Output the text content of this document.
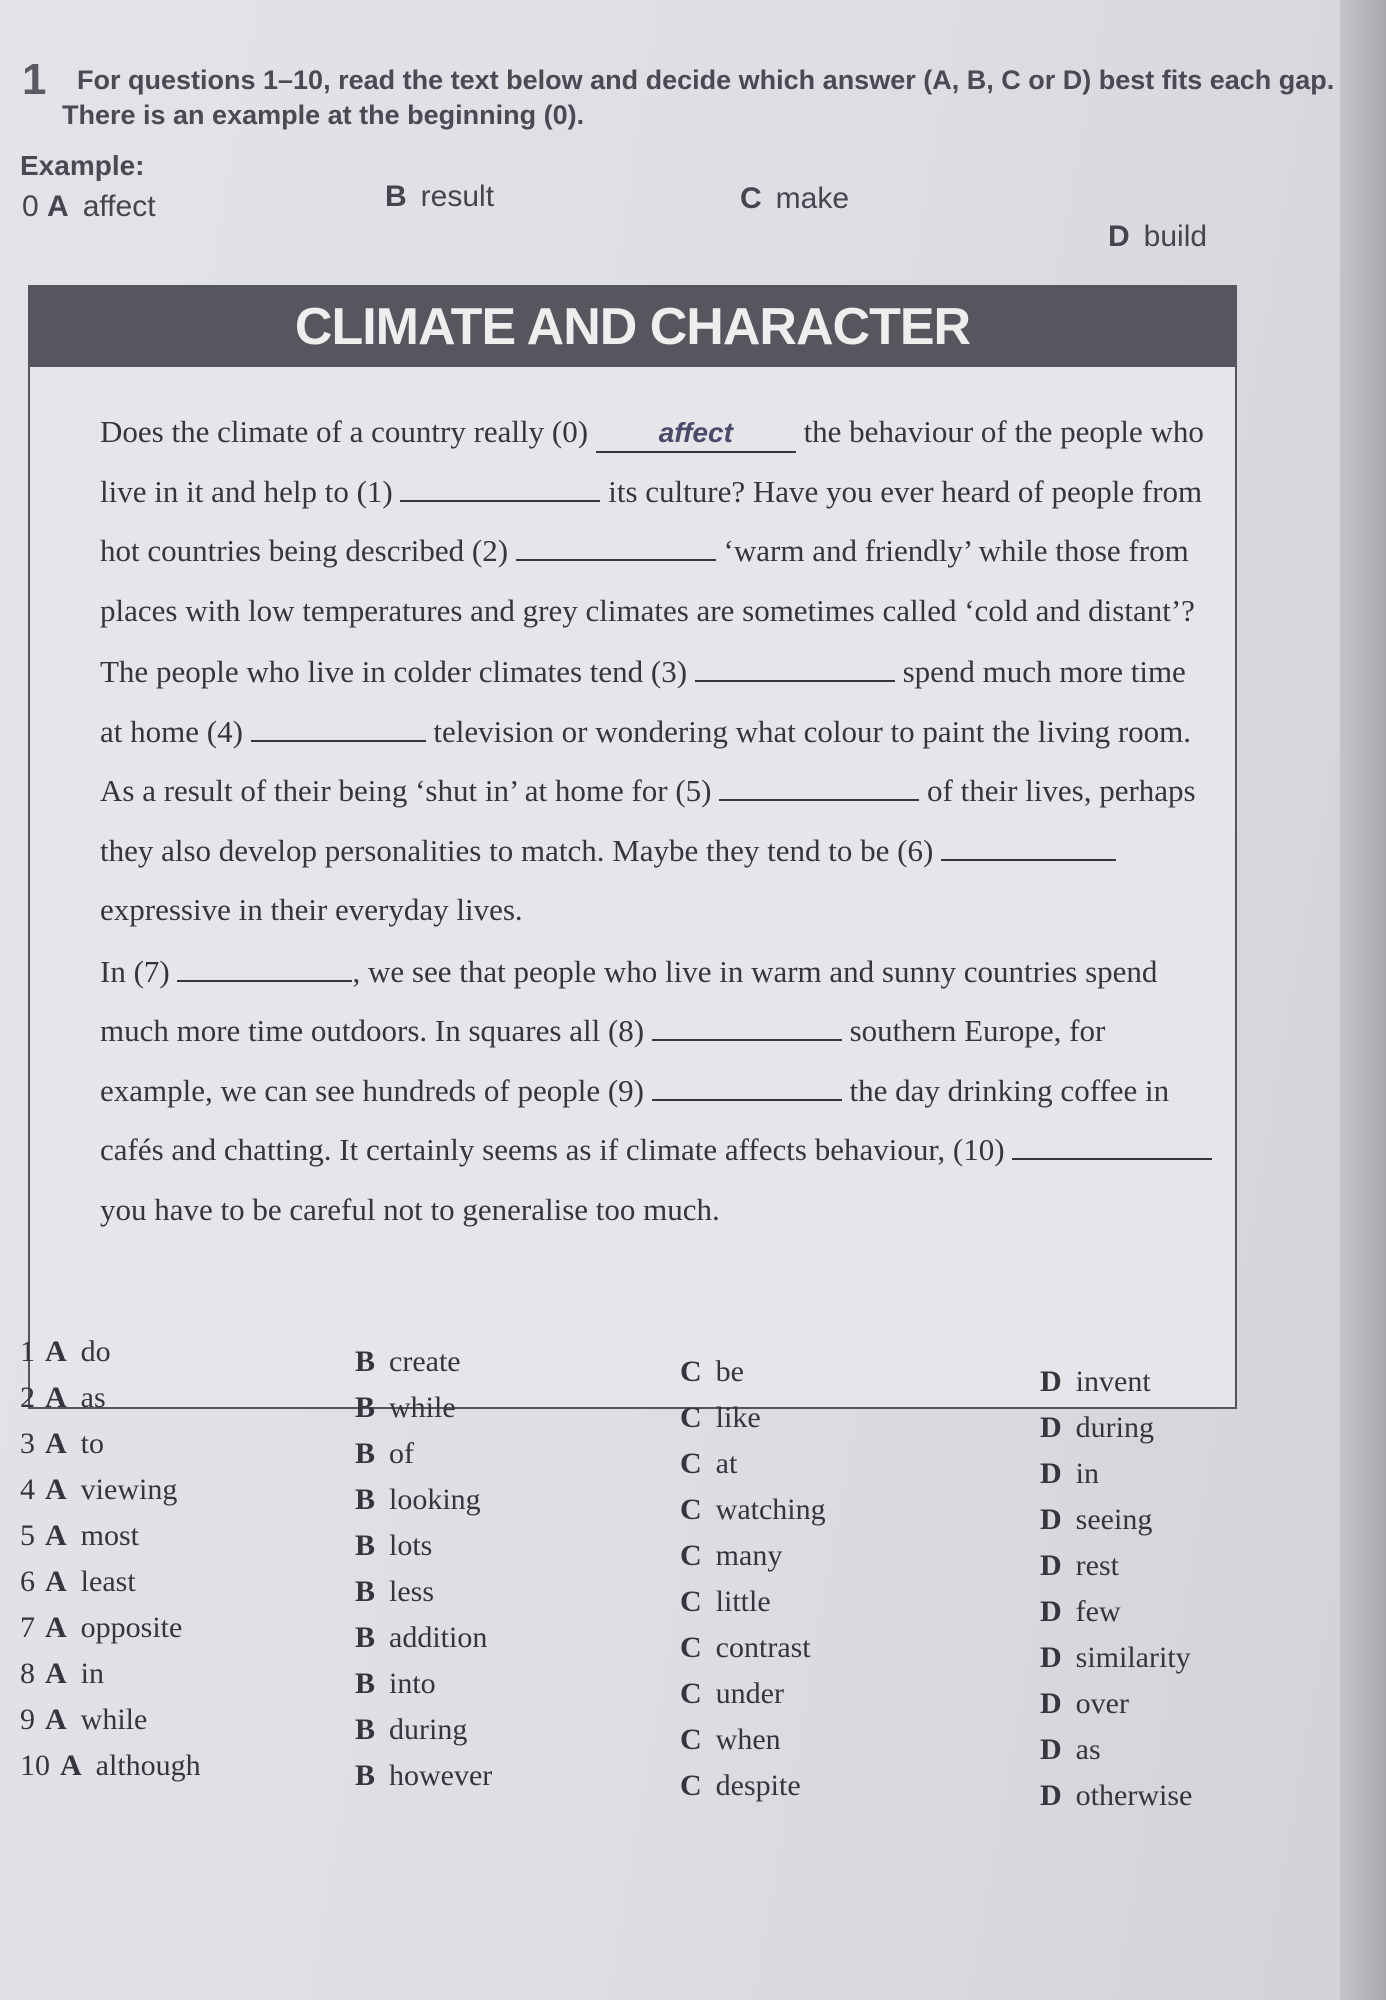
1 For questions 1–10, read the text below and decide which answer (A, B, C or D) best fits each gap.
There is an example at the beginning (0).
Example:
0 A affect	B result	C make
D build
CLIMATE AND CHARACTER

Does the climate of a country really (0)	affect the behaviour of the people who live in it and help to (1)	its culture? Have you ever heard of people from hot countries being described (2)	‘warm and friendly’ while those from places with low temperatures and grey climates are sometimes called ‘cold and distant’?

The people who live in colder climates tend (3)	spend much more time at home (4)	television or wondering what colour to paint the living room. As a result of their being ‘shut in’ at home for (5)	of their lives, perhaps they also develop personalities to match. Maybe they tend to be (6)  expressive in their everyday lives.

In (7)	, we see that people who live in warm and sunny countries spend much more time outdoors. In squares all (8)	southern Europe, for example, we can see hundreds of people (9)	the day drinking coffee in cafés and chatting. It certainly seems as if climate affects behaviour, (10)  you have to be careful not to generalise too much.

1 A do	B create	C be	D invent
2 A as	B while	C like	D during
3 A to	B of	C at	D in
4 A viewing	B looking	C watching	D seeing
5 A most	B lots	C many	D rest
6 A least	B less	C little	D few
7 A opposite	B addition	C contrast	D similarity
8 A in	B into	C under	D over
9 A while	B during	C when	D as
10 A although	B however	C despite	D otherwise
